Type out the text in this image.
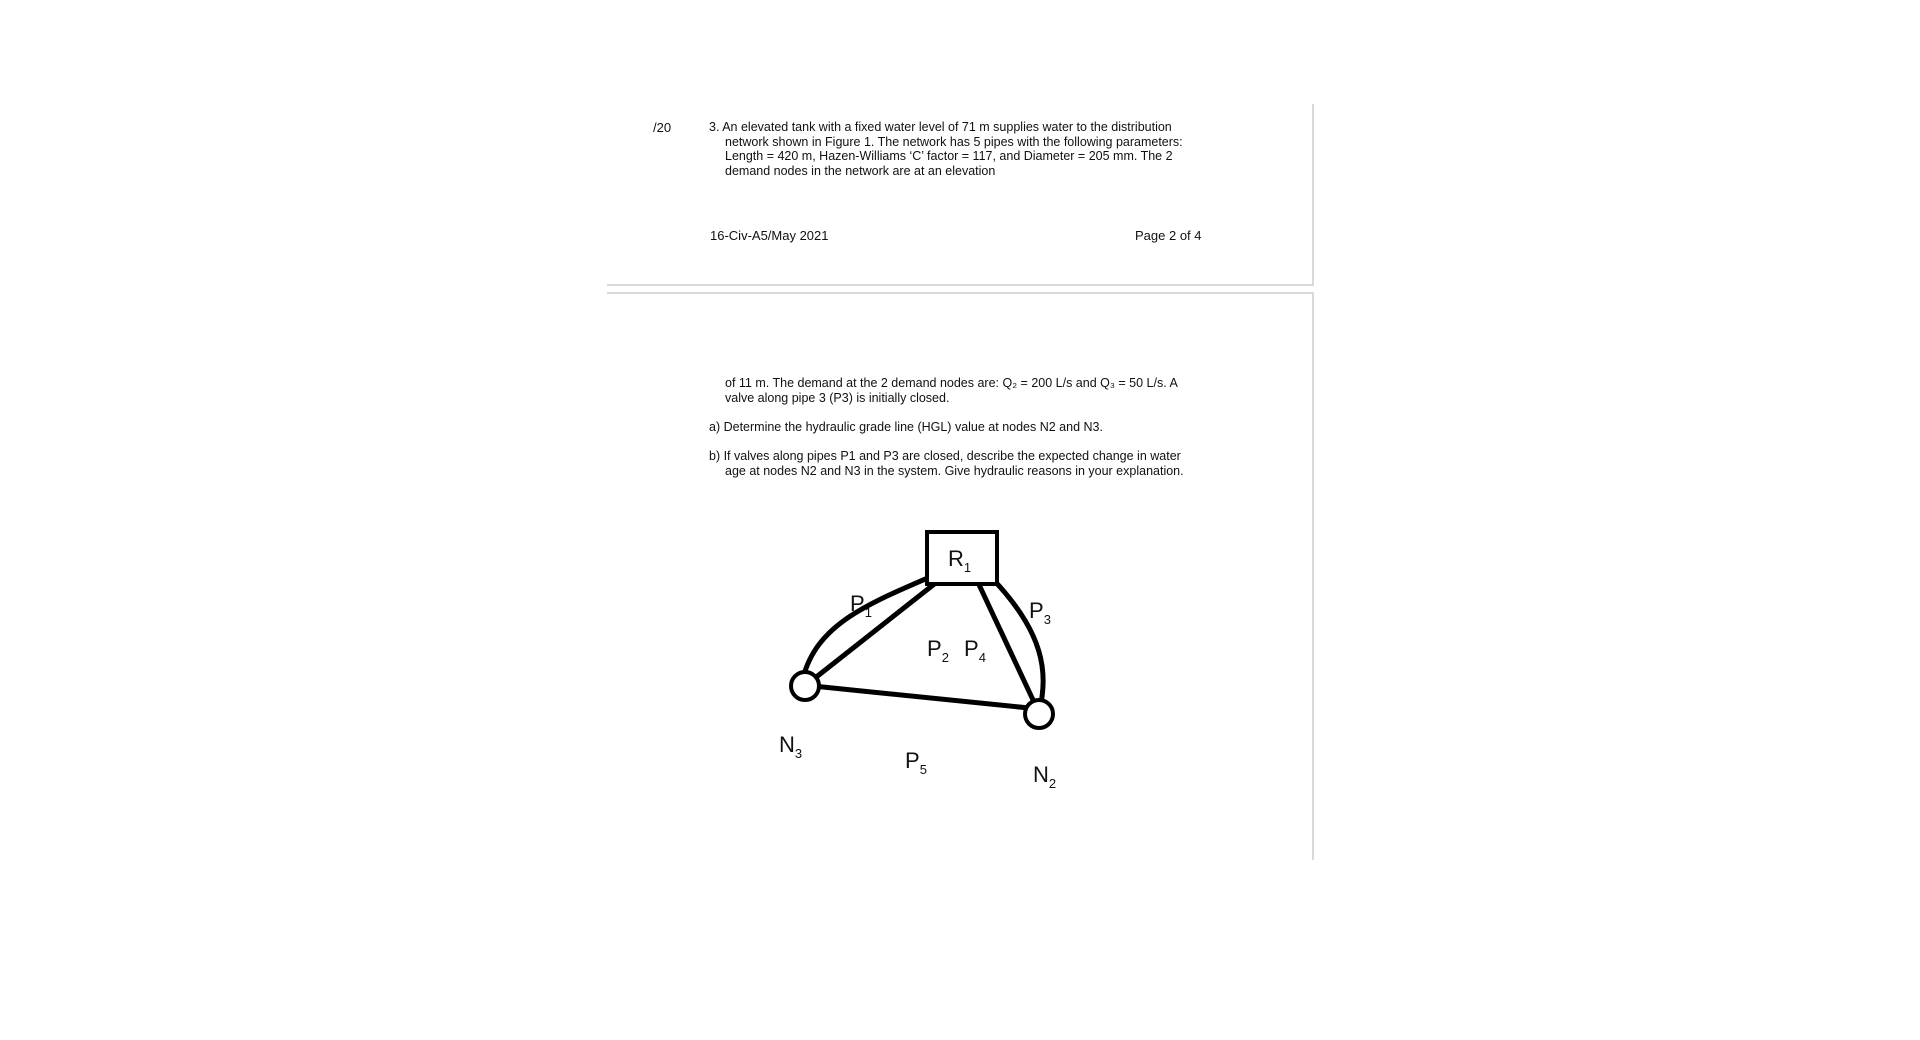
/20	3. An elevated tank with a fixed water level of 71 m supplies water to the distribution network shown in Figure 1. The network has 5 pipes with the following parameters: Length = 420 m, Hazen-Williams ‘C’ factor = 117, and Diameter = 205 mm. The 2 demand nodes in the network are at an elevation
16-Civ-A5/May 2021	Page 2 of 4
of 11 m. The demand at the 2 demand nodes are: Q₂ = 200 L/s and Q₃ = 50 L/s. A valve along pipe 3 (P3) is initially closed.
a) Determine the hydraulic grade line (HGL) value at nodes N2 and N3.
b) If valves along pipes P1 and P3 are closed, describe the expected change in water age at nodes N2 and N3 in the system. Give hydraulic reasons in your explanation.
$R_1$
$P_1$
$P_2$
$P_3$
$P_4$
$P_5$
$N_3$
$N_2$
